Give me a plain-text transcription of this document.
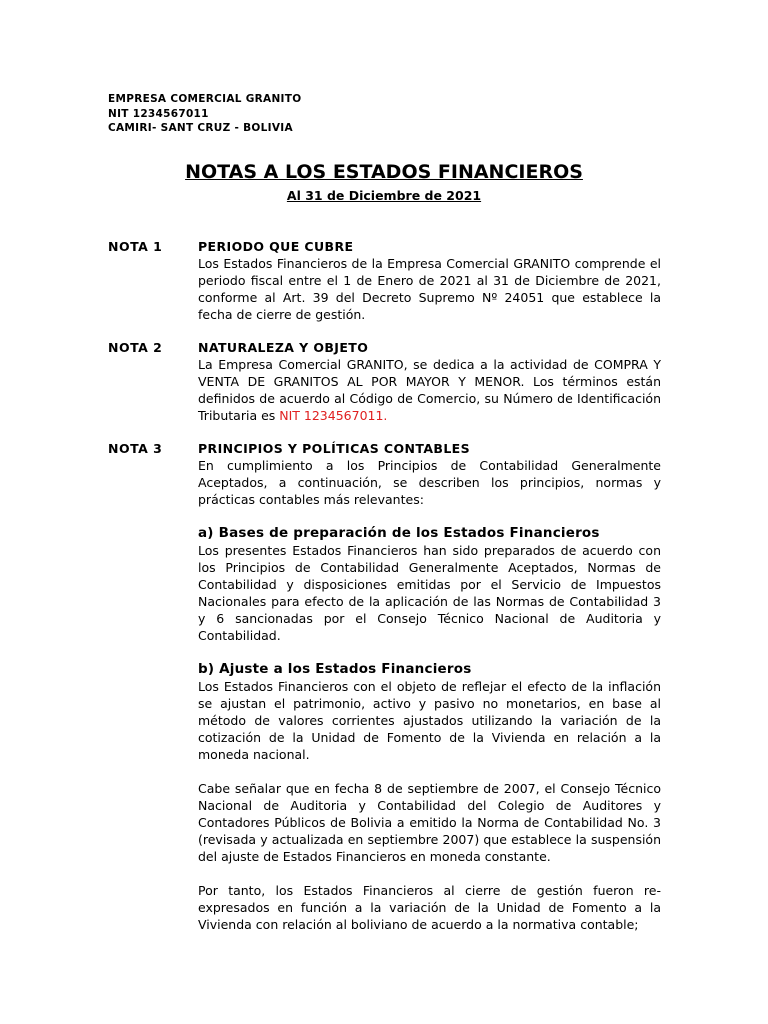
EMPRESA COMERCIAL GRANITO
NIT 1234567011
CAMIRI- SANT CRUZ - BOLIVIA
NOTAS A LOS ESTADOS FINANCIEROS
Al 31 de Diciembre de 2021
NOTA 1	PERIODO QUE CUBRE

Los Estados Financieros de la Empresa Comercial GRANITO comprende el periodo fiscal entre el 1 de Enero de 2021 al 31 de Diciembre de 2021, conforme al Art. 39 del Decreto Supremo Nº 24051 que establece la fecha de cierre de gestión.

NOTA 2	NATURALEZA Y OBJETO

La Empresa Comercial GRANITO, se dedica a la actividad de COMPRA Y VENTA DE GRANITOS AL POR MAYOR Y MENOR. Los términos están definidos de acuerdo al Código de Comercio, su Número de Identificación Tributaria es NIT 1234567011.

NOTA 3	PRINCIPIOS Y POLÍTICAS CONTABLES

En cumplimiento a los Principios de Contabilidad Generalmente Aceptados, a continuación, se describen los principios, normas y prácticas contables más relevantes:

a) Bases de preparación de los Estados Financieros

Los presentes Estados Financieros han sido preparados de acuerdo con los Principios de Contabilidad Generalmente Aceptados, Normas de Contabilidad y disposiciones emitidas por el Servicio de Impuestos Nacionales para efecto de la aplicación de las Normas de Contabilidad 3 y 6 sancionadas por el Consejo Técnico Nacional de Auditoria y Contabilidad.

b) Ajuste a los Estados Financieros

Los Estados Financieros con el objeto de reflejar el efecto de la inflación se ajustan el patrimonio, activo y pasivo no monetarios, en base al método de valores corrientes ajustados utilizando la variación de la cotización de la Unidad de Fomento de la Vivienda en relación a la moneda nacional.

Cabe señalar que en fecha 8 de septiembre de 2007, el Consejo Técnico Nacional de Auditoria y Contabilidad del Colegio de Auditores y Contadores Públicos de Bolivia a emitido la Norma de Contabilidad No. 3 (revisada y actualizada en septiembre 2007) que establece la suspensión del ajuste de Estados Financieros en moneda constante.

Por tanto, los Estados Financieros al cierre de gestión fueron re-expresados en función a la variación de la Unidad de Fomento a la Vivienda con relación al boliviano de acuerdo a la normativa contable;
